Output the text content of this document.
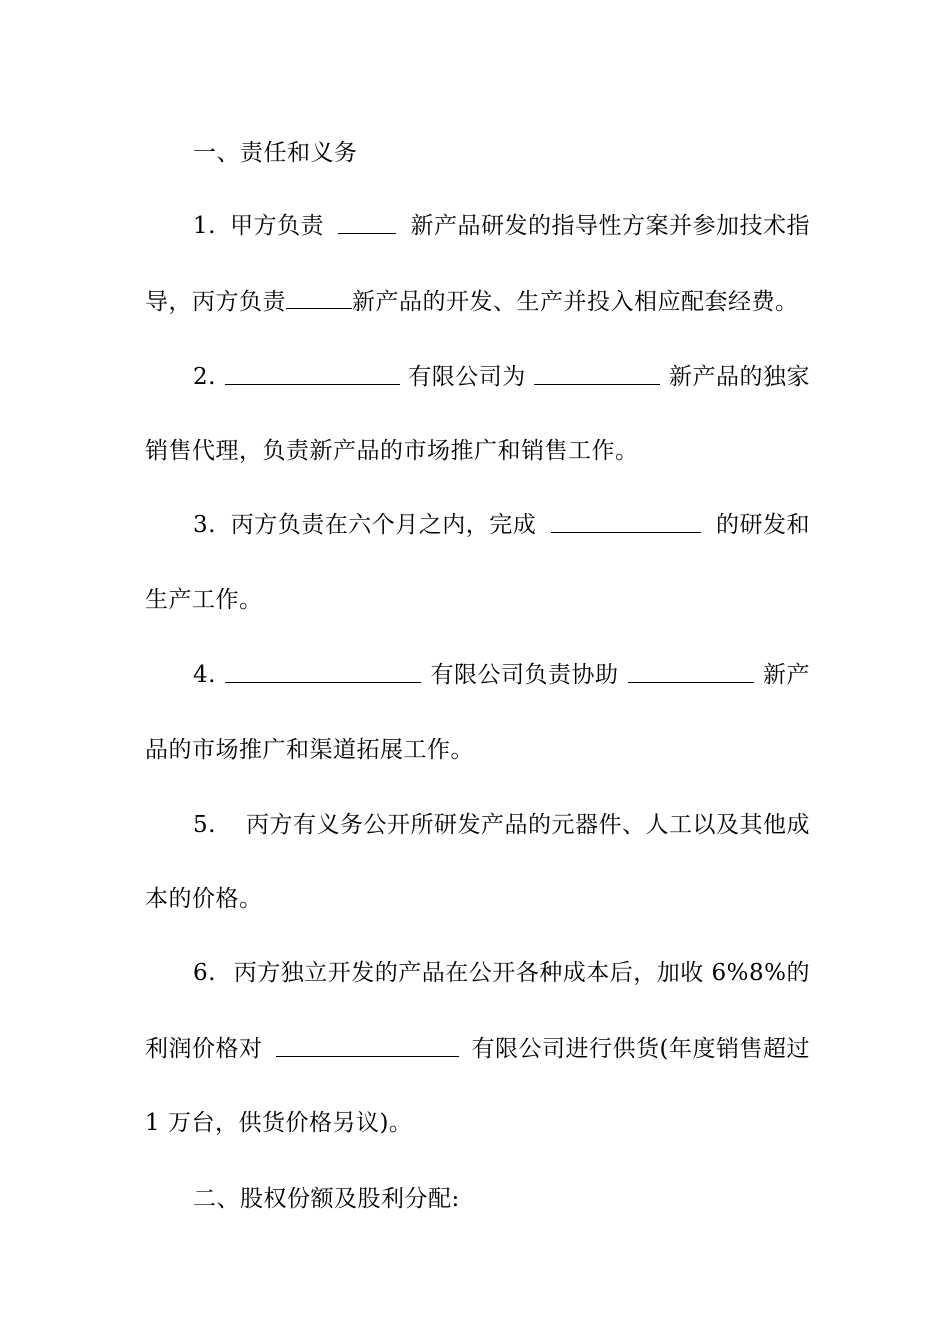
一、责任和义务
1. 甲方负责	新产品研发的指导性方案并参加技术指
导，丙方负责	新产品的开发、生产并投入相应配套经费。
2.	有限公司为	新产品的独家
销售代理，负责新产品的市场推广和销售工作。
3. 丙方负责在六个月之内，完成	的研发和
生产工作。
4.	有限公司负责协助	新产
品的市场推广和渠道拓展工作。
5. 丙方有义务公开所研发产品的元器件、人工以及其他成
本的价格。
6. 丙方独立开发的产品在公开各种成本后，加收 6%8%的
利润价格对	有限公司进行供货(年度销售超过
1 万台，供货价格另议)。
二、股权份额及股利分配:
